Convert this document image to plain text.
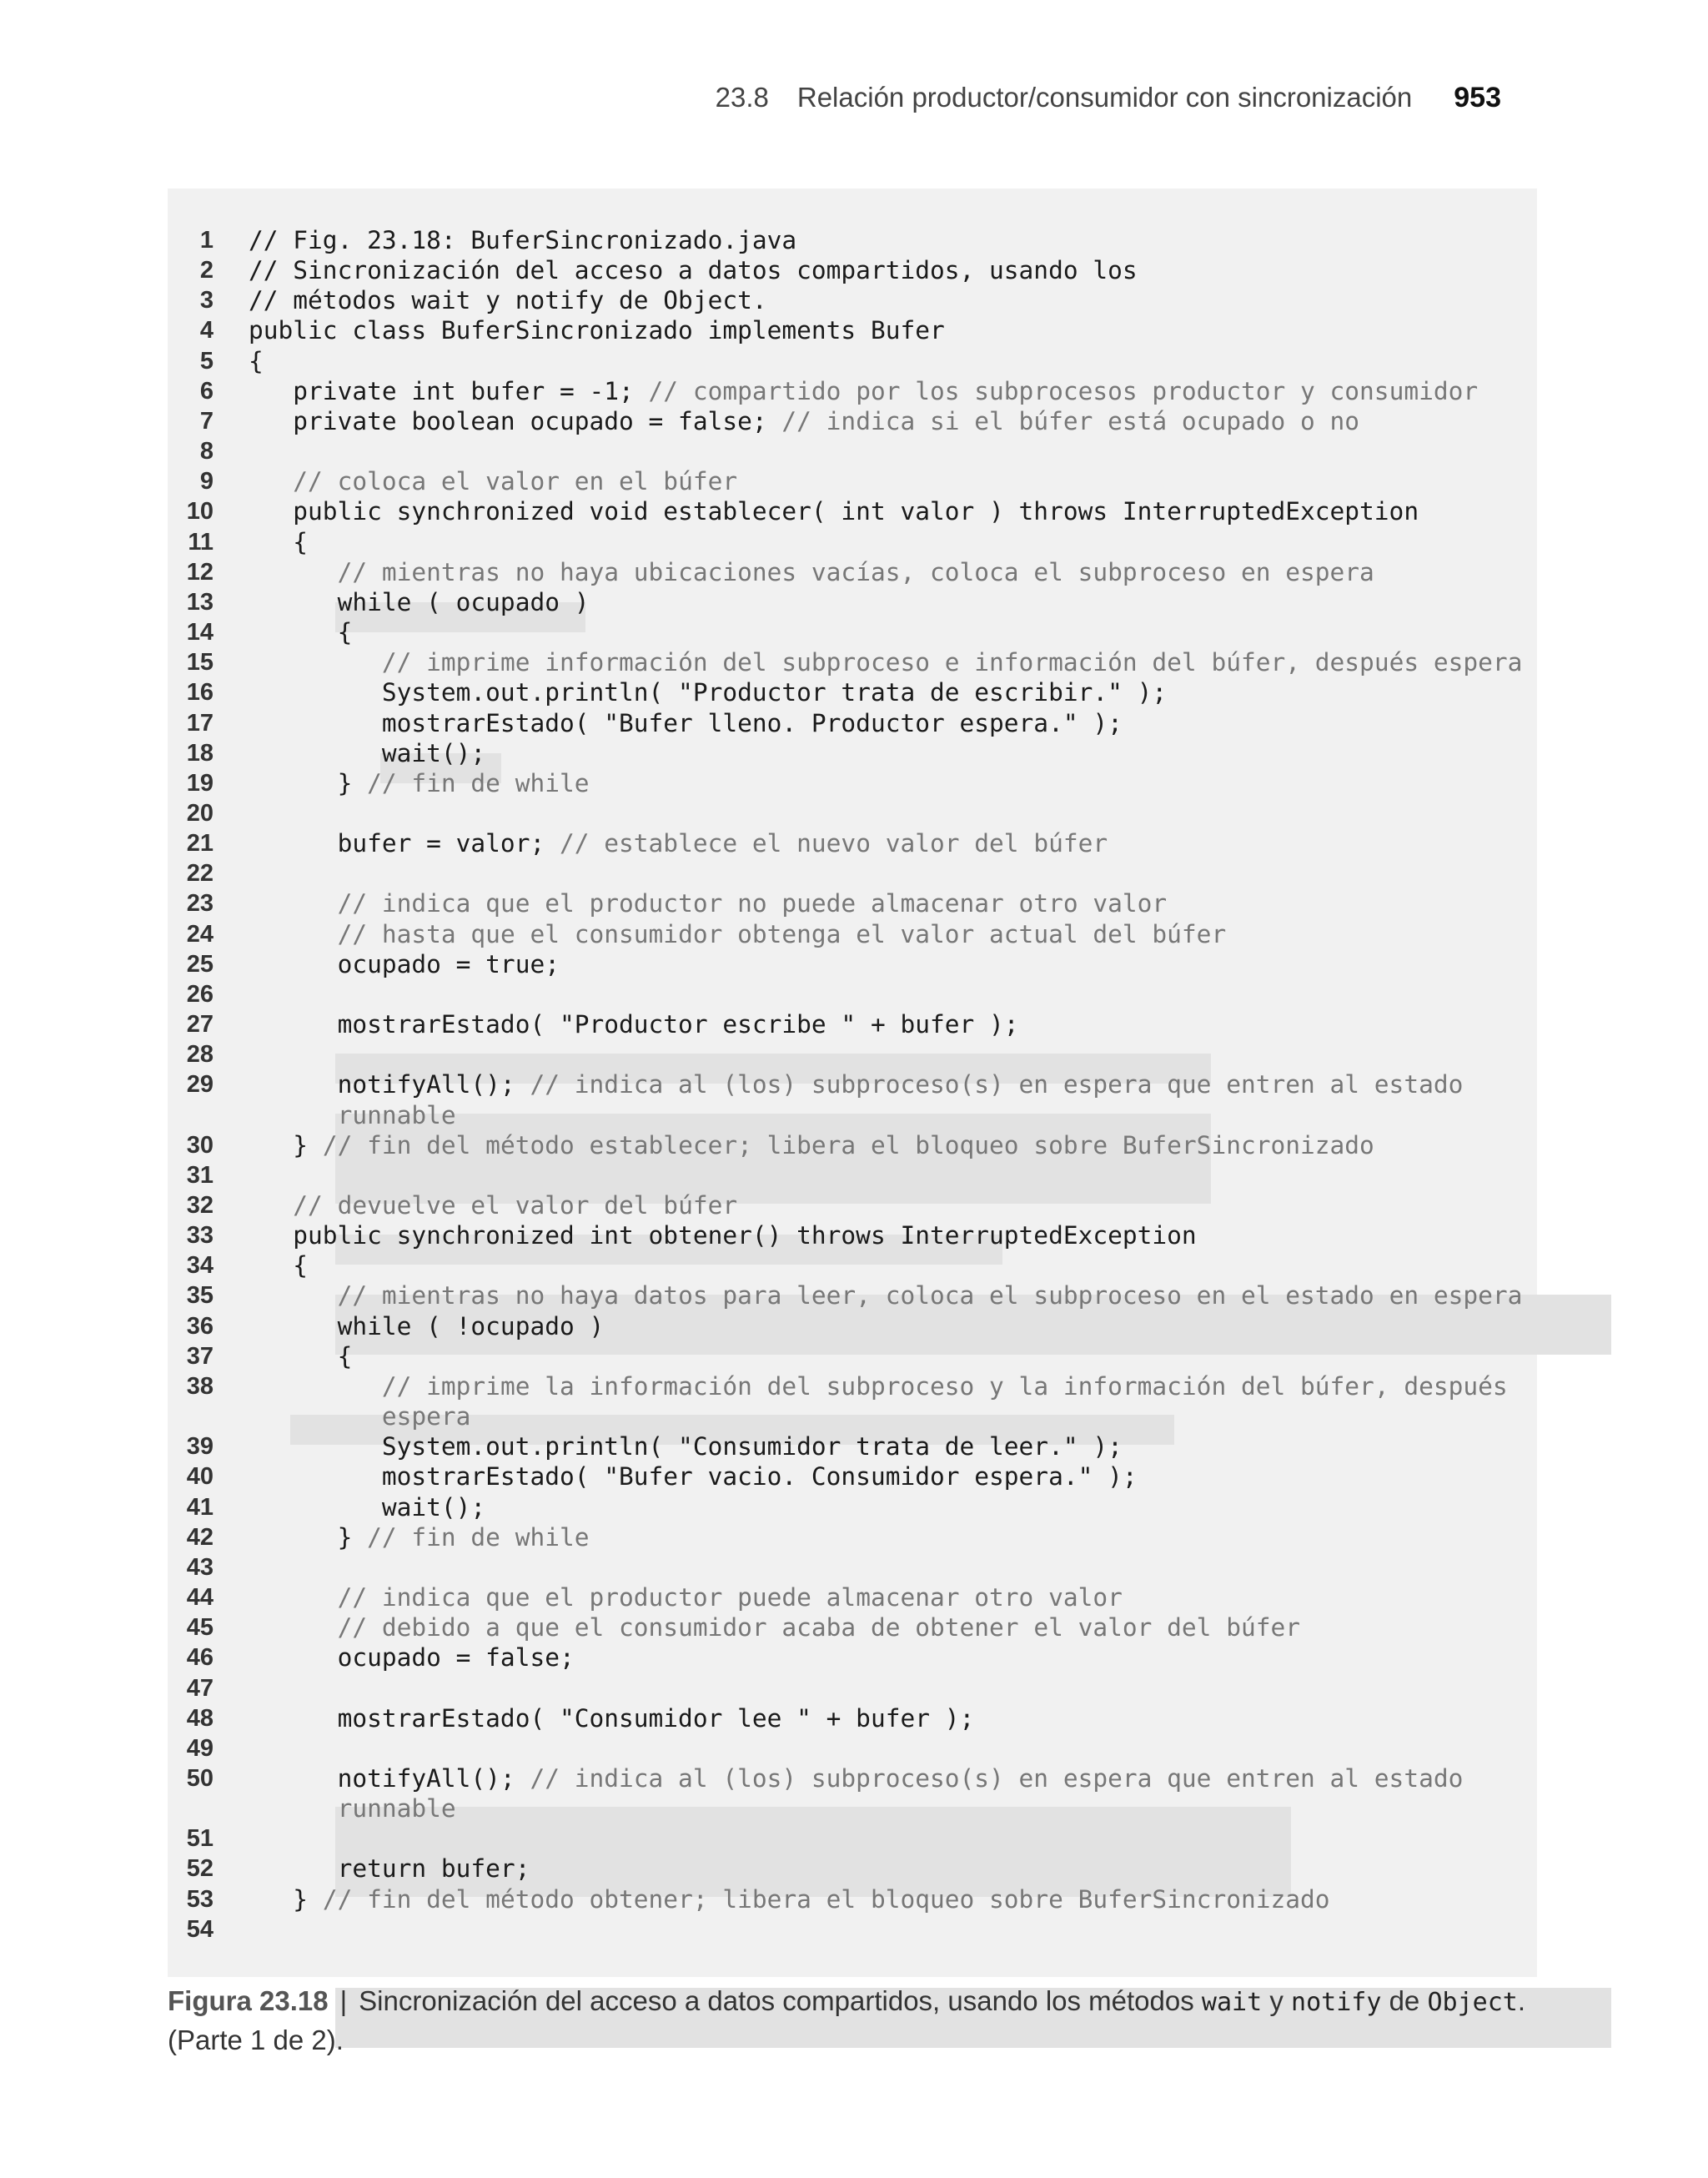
23.8 Relación productor/consumidor con sincronización 953
1 // Fig. 23.18: BuferSincronizado.java
2 // Sincronización del acceso a datos compartidos, usando los
3 // métodos wait y notify de Object.
4 public class BuferSincronizado implements Bufer
5 {
6 private int bufer = -1; // compartido por los subprocesos productor y consumidor
7 private boolean ocupado = false; // indica si el búfer está ocupado o no
8
9	// coloca el valor en el búfer
10 public synchronized void establecer( int valor ) throws InterruptedException
11 {
12	// mientras no haya ubicaciones vacías, coloca el subproceso en espera
13 while ( ocupado )
14 {
15	// imprime información del subproceso e información del búfer, después espera
16 System.out.println( "Productor trata de escribir." );
17 mostrarEstado( "Bufer lleno. Productor espera." );
18 wait();
19 } // fin de while
20
21 bufer = valor; // establece el nuevo valor del búfer
22
23	// indica que el productor no puede almacenar otro valor
24	// hasta que el consumidor obtenga el valor actual del búfer
25 ocupado = true;
26
27 mostrarEstado( "Productor escribe " + bufer );
28
29 notifyAll(); // indica al (los) subproceso(s) en espera que entren al estado
runnable
30 } // fin del método establecer; libera el bloqueo sobre BuferSincronizado
31
32	// devuelve el valor del búfer
33 public synchronized int obtener() throws InterruptedException
34 {
35	// mientras no haya datos para leer, coloca el subproceso en el estado en espera
36 while ( !ocupado )
37 {
38	// imprime la información del subproceso y la información del búfer, después
espera
39 System.out.println( "Consumidor trata de leer." );
40 mostrarEstado( "Bufer vacio. Consumidor espera." );
41 wait();
42 } // fin de while
43
44	// indica que el productor puede almacenar otro valor
45	// debido a que el consumidor acaba de obtener el valor del búfer
46 ocupado = false;
47
48 mostrarEstado( "Consumidor lee " + bufer );
49
50 notifyAll(); // indica al (los) subproceso(s) en espera que entren al estado
runnable
51
52 return bufer;
53 } // fin del método obtener; libera el bloqueo sobre BuferSincronizado
54
Figura 23.18 | Sincronización del acceso a datos compartidos, usando los métodos wait y notify de Object.
(Parte 1 de 2).
